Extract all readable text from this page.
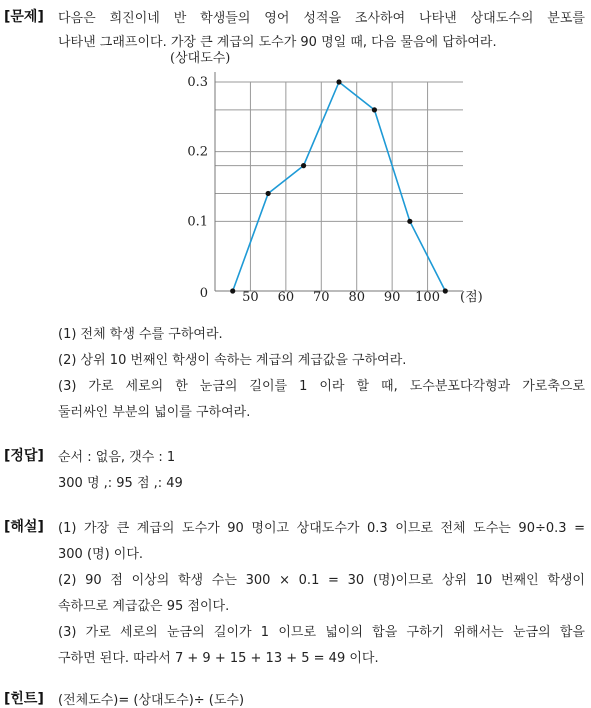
[문제] 다음은 희진이네 반 학생들의 영어 성적을 조사하여 나타낸 상대도수의 분포를
나타낸 그래프이다. 가장 큰 계급의 도수가 90 명일 때, 다음 물음에 답하여라.
(상대도수)
0.1
0.2
0.3
50 60 70 80 90 100
0	(점)
(1) 전체 학생 수를 구하여라.
(2) 상위 10 번째인 학생이 속하는 계급의 계급값을 구하여라.
(3) 가로 세로의 한 눈금의 길이를 1 이라 할 때, 도수분포다각형과 가로축으로
둘러싸인 부분의 넓이를 구하여라.
[정답] 순서 : 없음, 갯수 : 1
300 명 ,: 95 점 ,: 49
[해설] (1) 가장 큰 계급의 도수가 90 명이고 상대도수가 0.3 이므로 전체 도수는 90÷0.3 =
300 (명) 이다.
(2) 90 점 이상의 학생 수는 300 × 0.1 = 30 (명)이므로 상위 10 번째인 학생이
속하므로 계급값은 95 점이다.
(3) 가로 세로의 눈금의 길이가 1 이므로 넓이의 합을 구하기 위해서는 눈금의 합을
구하면 된다. 따라서 7 + 9 + 15 + 13 + 5 = 49 이다.
[힌트] (전체도수)= (상대도수)÷ (도수)
